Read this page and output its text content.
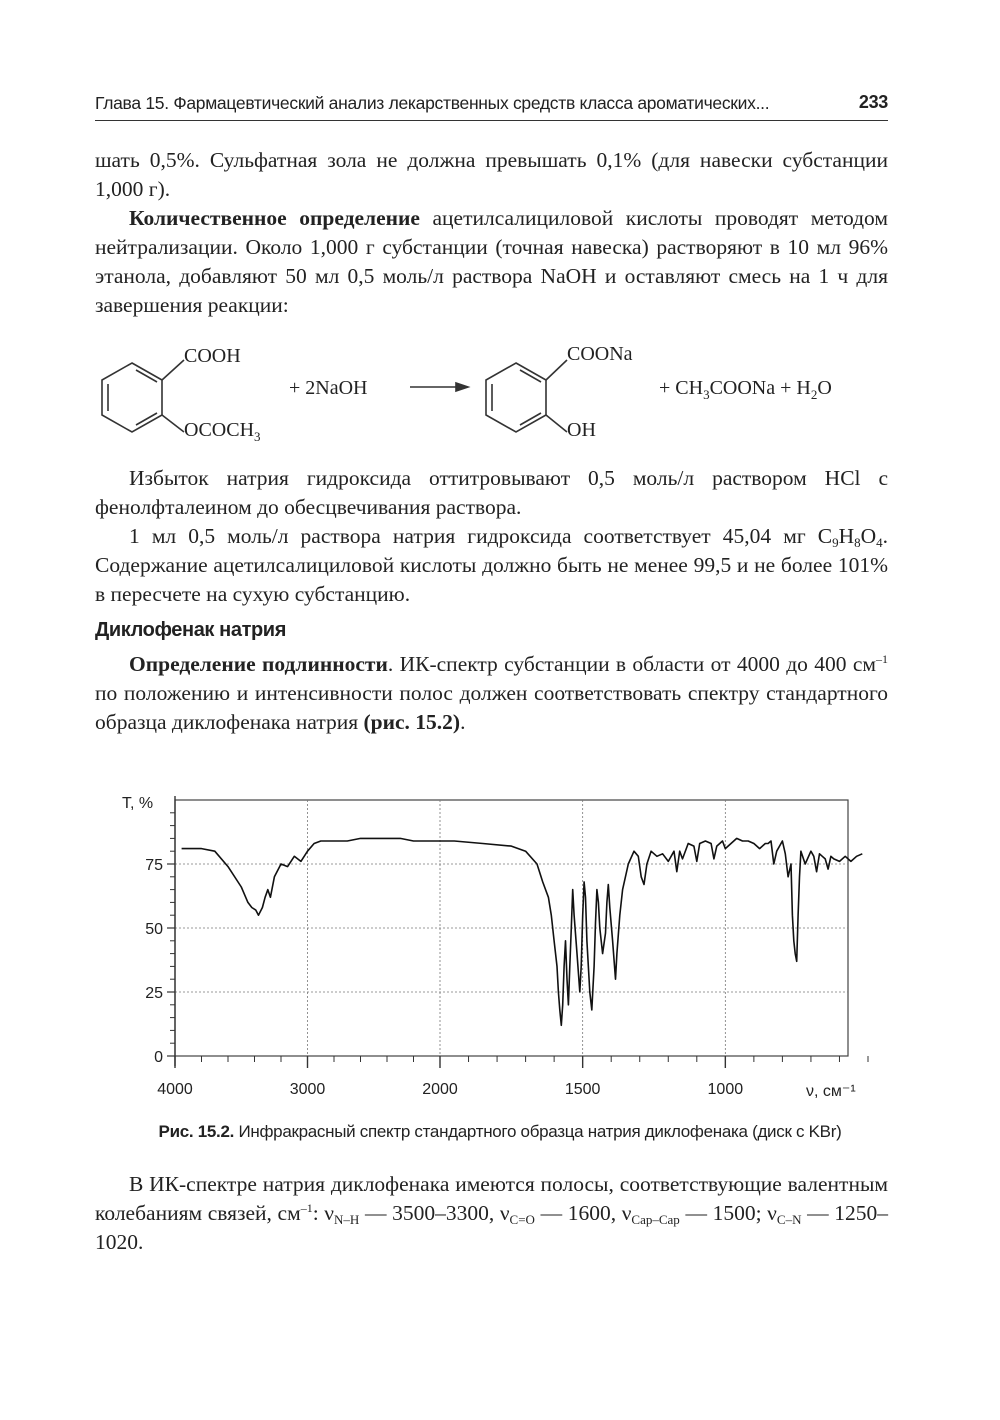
Глава 15. Фармацевтический анализ лекарственных средств класса ароматических...	233

шать 0,5%. Сульфатная зола не должна превышать 0,1% (для навески субстанции 1,000 г).

Количественное определение ацетилсалициловой кислоты проводят методом нейтрализации. Около 1,000 г субстанции (точная навеска) растворяют в 10 мл 96% этанола, добавляют 50 мл 0,5 моль/л раствора NaOH и оставляют смесь на 1 ч для завершения реакции:

COOH
$OCOCH_3$
+ 2NaOH
COONa
OH
+ $CH_3COONa + H_2O$

Избыток натрия гидроксида оттитровывают 0,5 моль/л раствором HCl с фенолфталеином до обесцвечивания раствора.

1 мл 0,5 моль/л раствора натрия гидроксида соответствует 45,04 мг $C_9H_8O_4$. Содержание ацетилсалициловой кислоты должно быть не менее 99,5 и не более 101% в пересчете на сухую субстанцию.

Диклофенак натрия

Определение подлинности. ИК-спектр субстанции в области от 4000 до 400 $см^{-1}$ по положению и интенсивности полос должен соответствовать спектру стандартного образца диклофенака натрия (рис. 15.2).

0
25
50
75
4000	3000	2000	1500	1000
Т, %
ν, см⁻¹
Рис. 15.2. Инфракрасный спектр стандартного образца натрия диклофенака (диск с KBr)

В ИК-спектре натрия диклофенака имеются полосы, соответствующие валентным колебаниям связей, $см^{-1}$: $\nu_{N-H}$ — 3500–3300, $\nu_{C=O}$ — 1600, $\nu_{Cap-Cap}$ — 1500; $\nu_{C-N}$ — 1250–1020.
